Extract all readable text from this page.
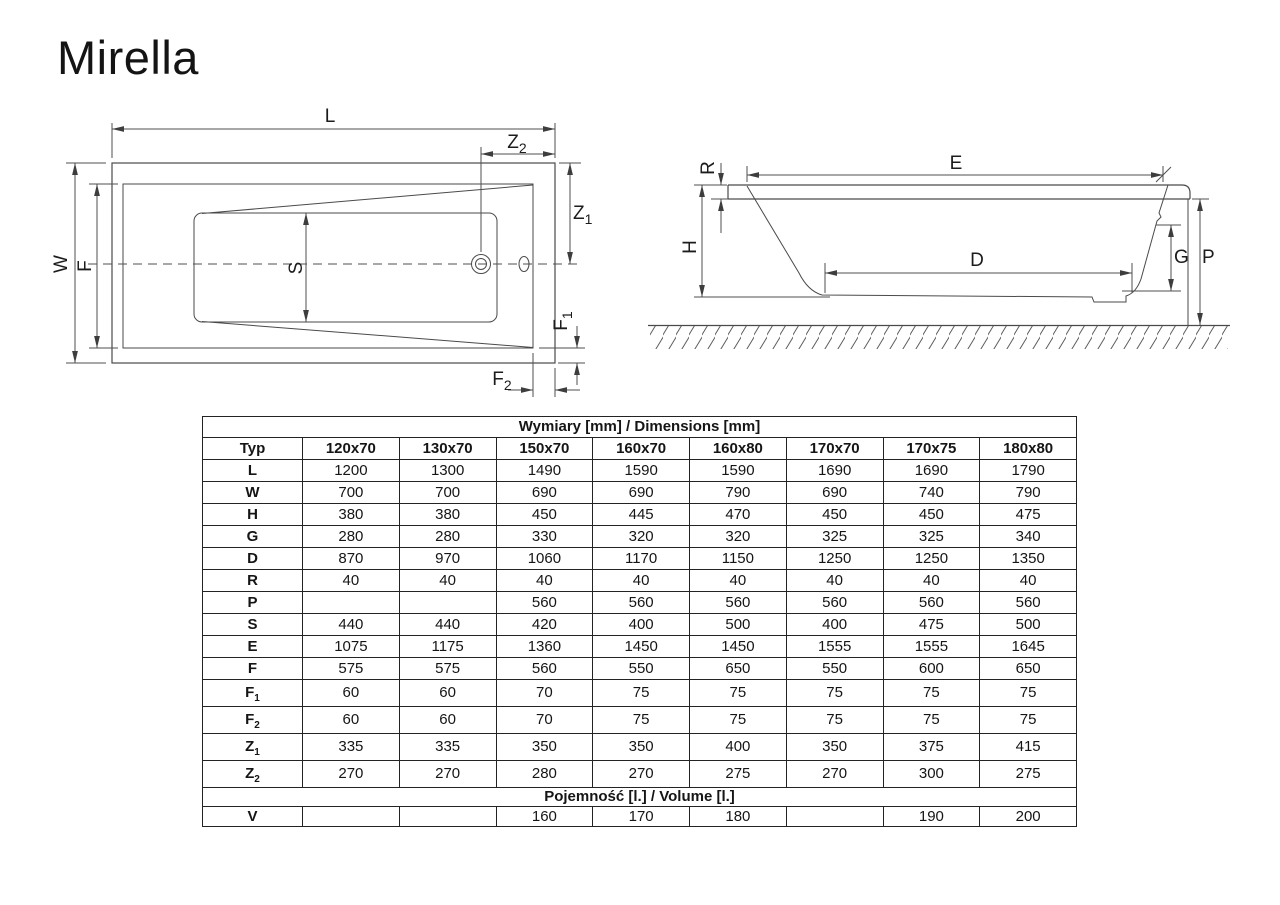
Mirella
L
$Z_2$
$Z_1$
W F	S
$F_1$
$F_2$
R	E
H
D	G P
Wymiary [mm] / Dimensions [mm]								
Typ	120x70	130x70	150x70	160x70	160x80	170x70	170x75	180x80
L	1200	1300	1490	1590	1590	1690	1690	1790
W	700	700	690	690	790	690	740	790
H	380	380	450	445	470	450	450	475
G	280	280	330	320	320	325	325	340
D	870	970	1060	1170	1150	1250	1250	1350
R	40	40	40	40	40	40	40	40
P			560	560	560	560	560	560
S	440	440	420	400	500	400	475	500
E	1075	1175	1360	1450	1450	1555	1555	1645
F	575	575	560	550	650	550	600	650
$F_1$	60	60	70	75	75	75	75	75
$F_2$	60	60	70	75	75	75	75	75
$Z_1$	335	335	350	350	400	350	375	415
$Z_2$	270	270	280	270	275	270	300	275
Pojemność [l.] / Volume [l.]								
V			160	170	180		190	200
